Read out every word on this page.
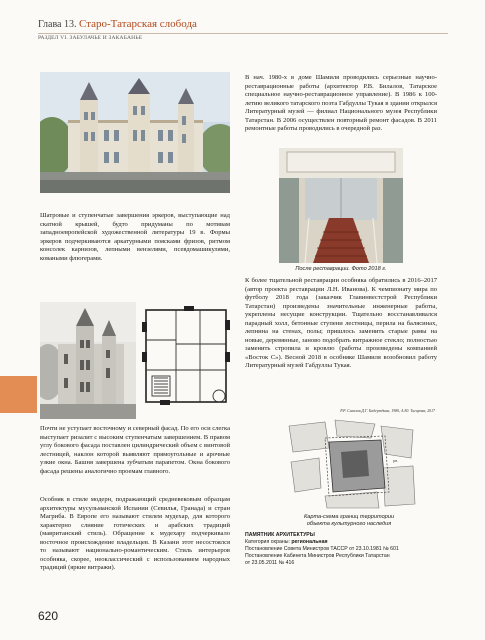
Глава 13. Старо-Татарская слобода
РАЗДЕЛ VI. ЗАБУЛАЧЬЕ И ЗАКАБАНЬЕ
Шатровые и ступенчатые завершения эркеров, выступающие над скатной крышей, будто придуманы по мотивам западноевропейской художественной литературы 19 в. Формы эркеров подчеркиваются аркатурными поясками фризов, ритмом консолек карнизов, лепными вензелями, псевдомашикулями, коваными флюгерами.
Почти не уступает восточному и северный фасад. По его оси слегка выступает ризалит с высоким ступенчатым завершением. В правом углу бокового фасада поставлен цилиндрический объем с винтовой лестницей, наклон которой выявляют прямоугольные и арочные узкие окна. Башня завершена зубчатым парапетом. Окна бокового фасада решены аналогично проемам главного.
Особняк в стиле модерн, подражающий средневековым образцам архитектуры мусульманской Испании (Севилья, Гранада) и стран Магриба. В Европе его называют стилем мудехар, для которого характерно слияние готических и арабских традиций (мавританский стиль). Обращение к мудехару подчеркивало восточное происхождение владельцев. В Казани этот несостоялся то называют национально-романтическим. Стиль интерьеров особняка, скорее, неоклассический с использованием народных традиций (яркие витражи).
В нач. 1980-х в доме Шамиля проводились серьезные научно-реставрационные работы (архитектор Р.В. Билалов, Татарское специальное научно-реставрационное управление). В 1986 к 100-летию великого татарского поэта Габдуллы Тукая в здании открылся Литературный музей — филиал Национального музея Республики Татарстан. В 2006 осуществлен повторный ремонт фасадов. В 2011 ремонтные работы проводились в очередной раз.
После реставрации. Фото 2018 г.
К более тщательной реставрации особняка обратились в 2016–2017 (автор проекта реставрации Л.Н. Иванова). К чемпионату мира по футболу 2018 года (заказчик Главинвестстрой Республики Татарстан) произведены значительные инженерные работы, укреплены несущие конструкции. Тщательно восстанавливался парадный холл, бетонные ступени лестницы, перила на балясинах, лепнина на стенах, полы; пришлось заменить старые рамы на новые, деревянные, заново подобрать витражное стекло; полностью заменить стропила и кровлю (работы произведены компанией «Восток С»). Весной 2018 в особняке Шамиля возобновил работу Литературный музей Габдуллы Тукая.
Р.Р. Салахов,Д.Г. Бадертдина, 1980, А.Ю. Тагирова, 2017
ул.
Карта-схема границ территории
объекта культурного наследия
ПАМЯТНИК АРХИТЕКТУРЫ
Категория охраны: региональная
Постановление Совета Министров ТАССР от 23.10.1981 № 601
Постановление Кабинета Министров Республики Татарстан
от 23.05.2011 № 416
620
